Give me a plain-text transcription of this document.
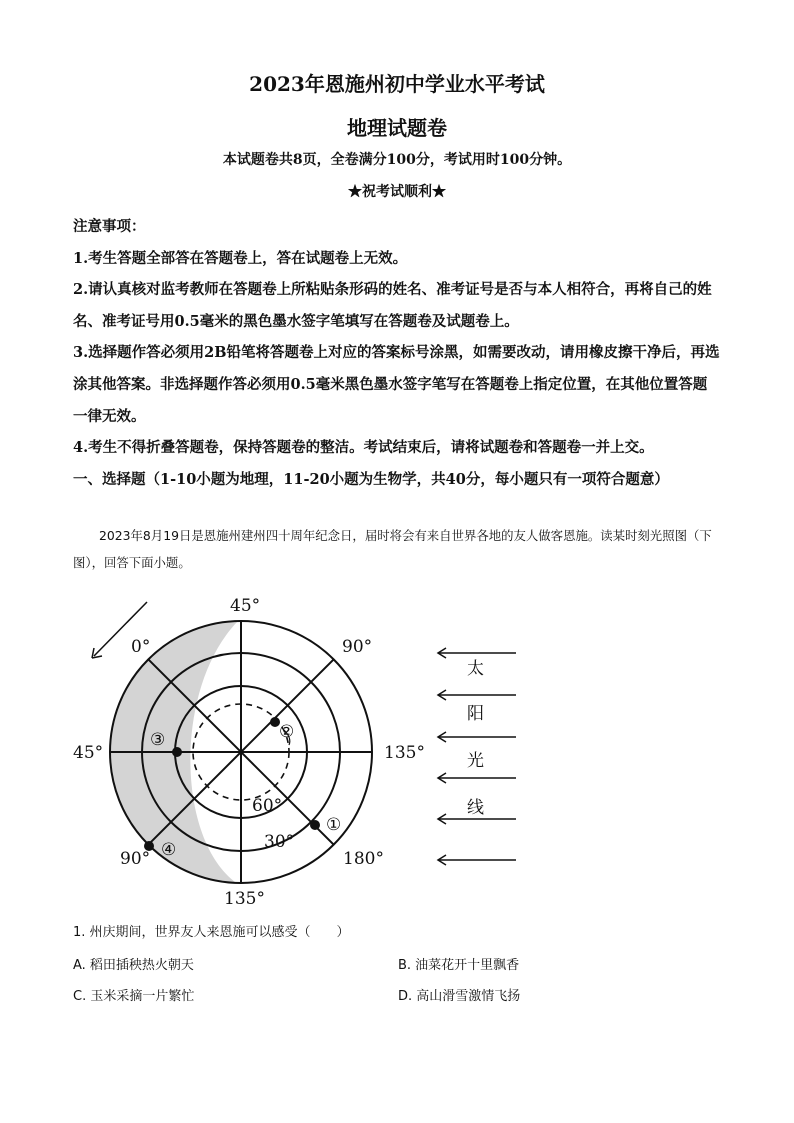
2023年恩施州初中学业水平考试
地理试题卷
本试题卷共8页，全卷满分100分，考试用时100分钟。
★祝考试顺利★

注意事项：

1.考生答题全部答在答题卷上，答在试题卷上无效。

2.请认真核对监考教师在答题卷上所粘贴条形码的姓名、准考证号是否与本人相符合，再将自己的姓名、准考证号用0.5毫米的黑色墨水签字笔填写在答题卷及试题卷上。

3.选择题作答必须用2B铅笔将答题卷上对应的答案标号涂黑，如需要改动，请用橡皮擦干净后，再选涂其他答案。非选择题作答必须用0.5毫米黑色墨水签字笔写在答题卷上指定位置，在其他位置答题一律无效。

4.考生不得折叠答题卷，保持答题卷的整洁。考试结束后，请将试题卷和答题卷一并上交。

一、选择题（1-10小题为地理，11-20小题为生物学，共40分，每小题只有一项符合题意）

2023年8月19日是恩施州建州四十周年纪念日，届时将会有来自世界各地的友人做客恩施。读某时刻光照图（下图），回答下面小题。

0°
45°
90°
135°
180°
135°
90°
45°
60°
30°
①
②
③
④
太
阳
光
线
1. 州庆期间，世界友人来恩施可以感受（　　）
A. 稻田插秧热火朝天	B. 油菜花开十里飘香
C. 玉米采摘一片繁忙	D. 高山滑雪激情飞扬
